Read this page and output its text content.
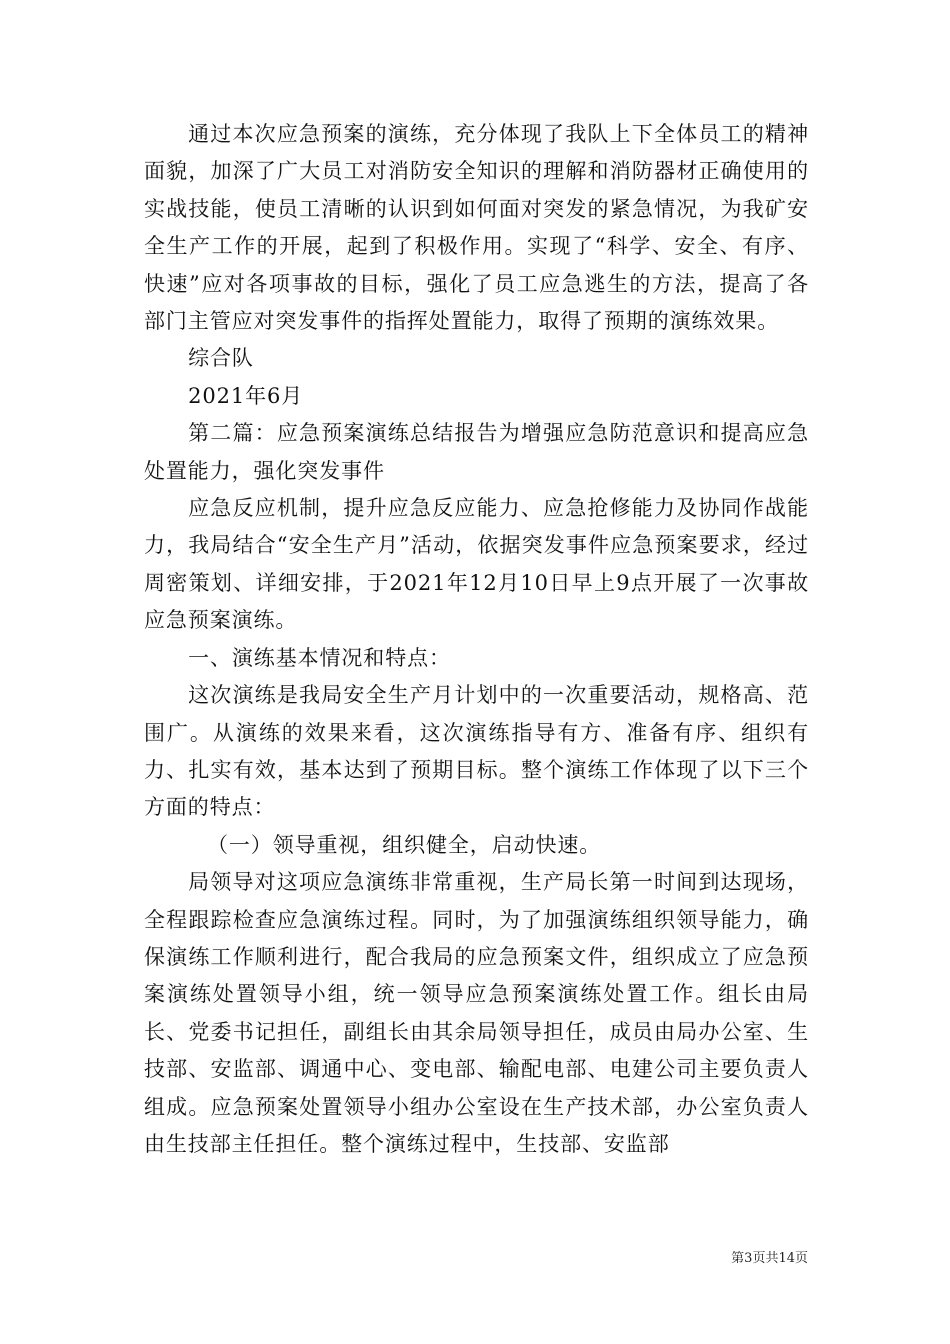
通过本次应急预案的演练，充分体现了我队上下全体员工的精神面貌，加深了广大员工对消防安全知识的理解和消防器材正确使用的实战技能，使员工清晰的认识到如何面对突发的紧急情况，为我矿安全生产工作的开展，起到了积极作用。实现了“科学、安全、有序、快速”应对各项事故的目标，强化了员工应急逃生的方法，提高了各部门主管应对突发事件的指挥处置能力，取得了预期的演练效果。

综合队

2021年6月

第二篇：应急预案演练总结报告为增强应急防范意识和提高应急处置能力，强化突发事件

应急反应机制，提升应急反应能力、应急抢修能力及协同作战能力，我局结合“安全生产月”活动，依据突发事件应急预案要求，经过周密策划、详细安排，于2021年12月10日早上9点开展了一次事故应急预案演练。

一、演练基本情况和特点：

这次演练是我局安全生产月计划中的一次重要活动，规格高、范围广。从演练的效果来看，这次演练指导有方、准备有序、组织有力、扎实有效，基本达到了预期目标。整个演练工作体现了以下三个方面的特点：

（一）领导重视，组织健全，启动快速。

局领导对这项应急演练非常重视，生产局长第一时间到达现场，全程跟踪检查应急演练过程。同时，为了加强演练组织领导能力，确保演练工作顺利进行，配合我局的应急预案文件，组织成立了应急预案演练处置领导小组，统一领导应急预案演练处置工作。组长由局长、党委书记担任，副组长由其余局领导担任，成员由局办公室、生技部、安监部、调通中心、变电部、输配电部、电建公司主要负责人组成。应急预案处置领导小组办公室设在生产技术部，办公室负责人由生技部主任担任。整个演练过程中，生技部、安监部

第3页共14页
